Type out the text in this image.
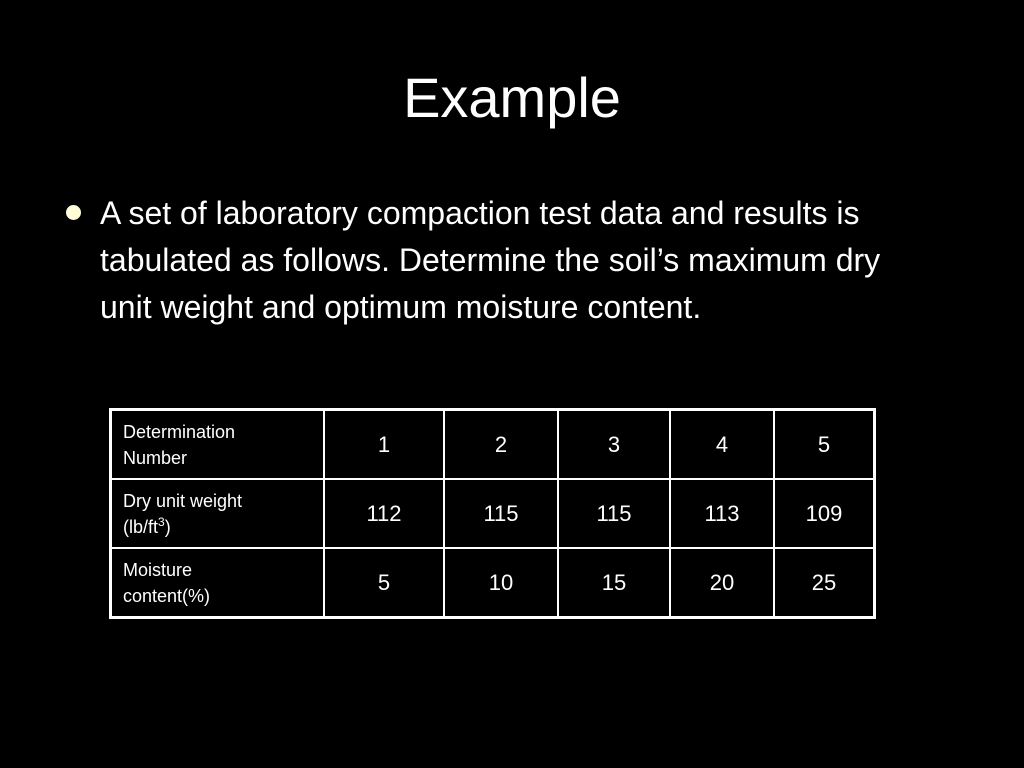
Example

A set of laboratory compaction test data and results is tabulated as follows. Determine the soil’s maximum dry unit weight and optimum moisture content.

Determination
Number	1	2	3	4	5
Dry unit weight
$(lb/ft^3)$	112	115	115	113	109
Moisture
content(%)	5	10	15	20	25
